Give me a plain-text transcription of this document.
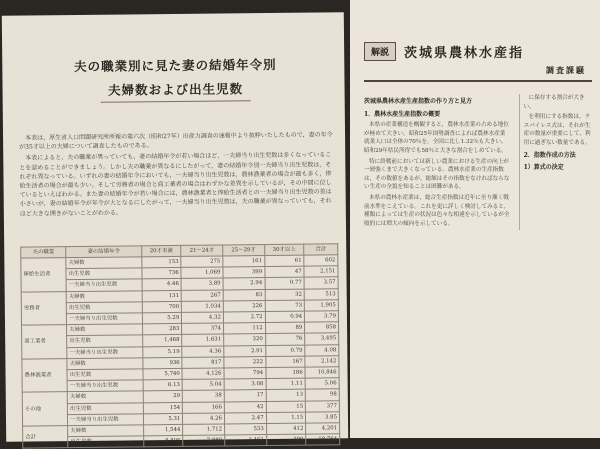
夫の職業別に見た妻の結婚年令別
夫婦数および出生児数

本表は，厚生省人口問題研究所所報の第六次（昭和27年）出産力調査の速報中より抜粋いたしたもので，妻の年令が35才以上の夫婦について調査したものである。

本表によると，夫の職業が異っていても，妻の結婚年令が若い場合ほど，一夫婦当り出生児数は多くなっていることを認めることができましょう。しかし夫の職業が異なるにしたがって，妻の結婚年令別一夫婦当り出生児数は，それぞれ異なっている。いずれの妻の結婚年令においても，一夫婦当り出生児数は，農林漁業者の場合が最も多く，俸給生活者の場合が最も少い。そして労務者の場合と商工業者の場合はわずかな差異を示しているが，その中間に位しているといえばわかる。また妻の結婚年令が若い場合には，農林漁業者と俸給生活者との一夫婦当り出生児数の差は小さいが，妻の結婚年令が年令が大となるにしたがって，一夫婦当り出生児数は，夫の職業が異なっていても，それほど大きな開きがないことがわかる。

夫の職業	妻の結婚年令	20才未満	21～24才	25～29才	30才以上	合計
俸給生活者	夫婦数	153	275	161	61	602
	出生児数	736	1,069	399	47	2,151
	一夫婦当り出生児数	4.46	3.89	2.94	0.77	3.57
労務者	夫婦数	131	267	83	32	513
	出生児数	700	1,034	226	73	1,905
	一夫婦当り出生児数	5.29	4.32	2.72	0.94	3.79
商工業者	夫婦数	283	374	112	89	858
	出生児数	1,468	1,631	320	76	3,495
	一夫婦当り出生児数	5.19	4.36	2.91	0.79	4.08
農林漁業者	夫婦数	936	817	222	167	2,142
	出生児数	5,740	4,126	794	186	10,846
	一夫婦当り出生児数	6.13	5.04	3.08	1.11	5.06
その他	夫婦数	29	38	17	13	98
	出生児数	154	166	42	15	377
	一夫婦当り出生児数	5.31	4.26	2.47	1.15	3.85
合計	夫婦数	1,544	1,712	533	412	4,201
	出生児数	8,805	7,880	1,461	399	18,764
解説	茨城県農林水産指
調査課騒
茨城県農林水産生産指数の作り方と見方
1．農林水産生産指数の概要

本県の産業構造を概観すると，農林水産業の占める地位が極めて大きい。昭和25年国勢調査によれば農林水産業就業人口は全体の70％を，全国に比し1.32％も大きい。昭和29年県民所得でも58％と大きな割合をしめている。

特に終戦前においては新しい農業における生産の向上が一層強くまで大きくなっている。農林水産業の生産指数は，その数値をあるが，総額はその指数をなければならない生産の全貌を知ることは困難がある。

本県の農林水産業は，総合生産指数は近年に至り漸く戦前水準をこえている。これを更に詳しく検討してみると，種類によっては生産の状況は色々な相違を示しているが全般的には増大の傾向を示している。

に保存する割合が大きい。

を利用にする指数は，ラスパイレス式は，それが生産の数量が重要にして，利用に過ぎない数量である。

2．指数作成の方法
1）算式の決定
